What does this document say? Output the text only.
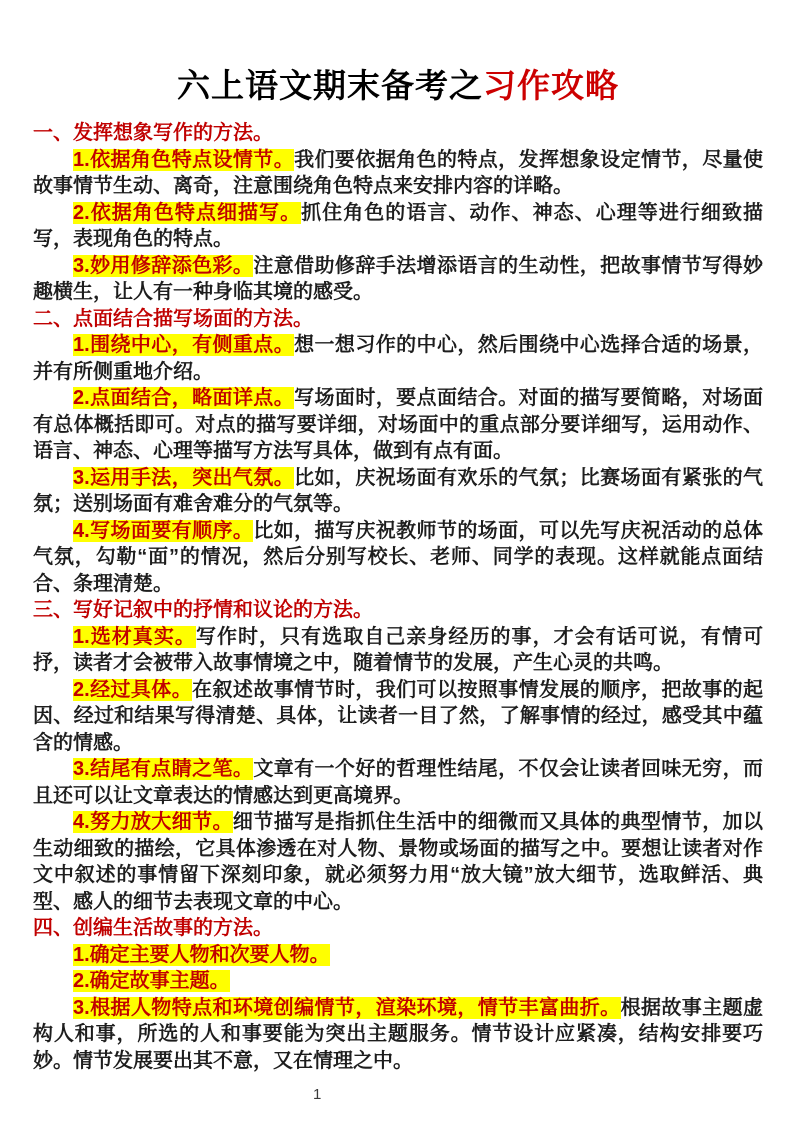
六上语文期末备考之习作攻略
一、发挥想象写作的方法。

1.依据角色特点设情节。我们要依据角色的特点，发挥想象设定情节，尽量使故事情节生动、离奇，注意围绕角色特点来安排内容的详略。

2.依据角色特点细描写。抓住角色的语言、动作、神态、心理等进行细致描写，表现角色的特点。

3.妙用修辞添色彩。注意借助修辞手法增添语言的生动性，把故事情节写得妙趣横生，让人有一种身临其境的感受。

二、点面结合描写场面的方法。

1.围绕中心，有侧重点。想一想习作的中心，然后围绕中心选择合适的场景，并有所侧重地介绍。

2.点面结合，略面详点。写场面时，要点面结合。对面的描写要简略，对场面有总体概括即可。对点的描写要详细，对场面中的重点部分要详细写，运用动作、语言、神态、心理等描写方法写具体，做到有点有面。

3.运用手法，突出气氛。比如，庆祝场面有欢乐的气氛；比赛场面有紧张的气氛；送别场面有难舍难分的气氛等。

4.写场面要有顺序。比如，描写庆祝教师节的场面，可以先写庆祝活动的总体气氛，勾勒“面”的情况，然后分别写校长、老师、同学的表现。这样就能点面结合、条理清楚。

三、写好记叙中的抒情和议论的方法。

1.选材真实。写作时，只有选取自己亲身经历的事，才会有话可说，有情可抒，读者才会被带入故事情境之中，随着情节的发展，产生心灵的共鸣。

2.经过具体。在叙述故事情节时，我们可以按照事情发展的顺序，把故事的起因、经过和结果写得清楚、具体，让读者一目了然，了解事情的经过，感受其中蕴含的情感。

3.结尾有点睛之笔。文章有一个好的哲理性结尾，不仅会让读者回味无穷，而且还可以让文章表达的情感达到更高境界。

4.努力放大细节。细节描写是指抓住生活中的细微而又具体的典型情节，加以生动细致的描绘，它具体渗透在对人物、景物或场面的描写之中。要想让读者对作文中叙述的事情留下深刻印象，就必须努力用“放大镜”放大细节，选取鲜活、典型、感人的细节去表现文章的中心。

四、创编生活故事的方法。

1.确定主要人物和次要人物。

2.确定故事主题。

3.根据人物特点和环境创编情节，渲染环境，情节丰富曲折。根据故事主题虚构人和事，所选的人和事要能为突出主题服务。情节设计应紧凑，结构安排要巧妙。情节发展要出其不意，又在情理之中。

1
